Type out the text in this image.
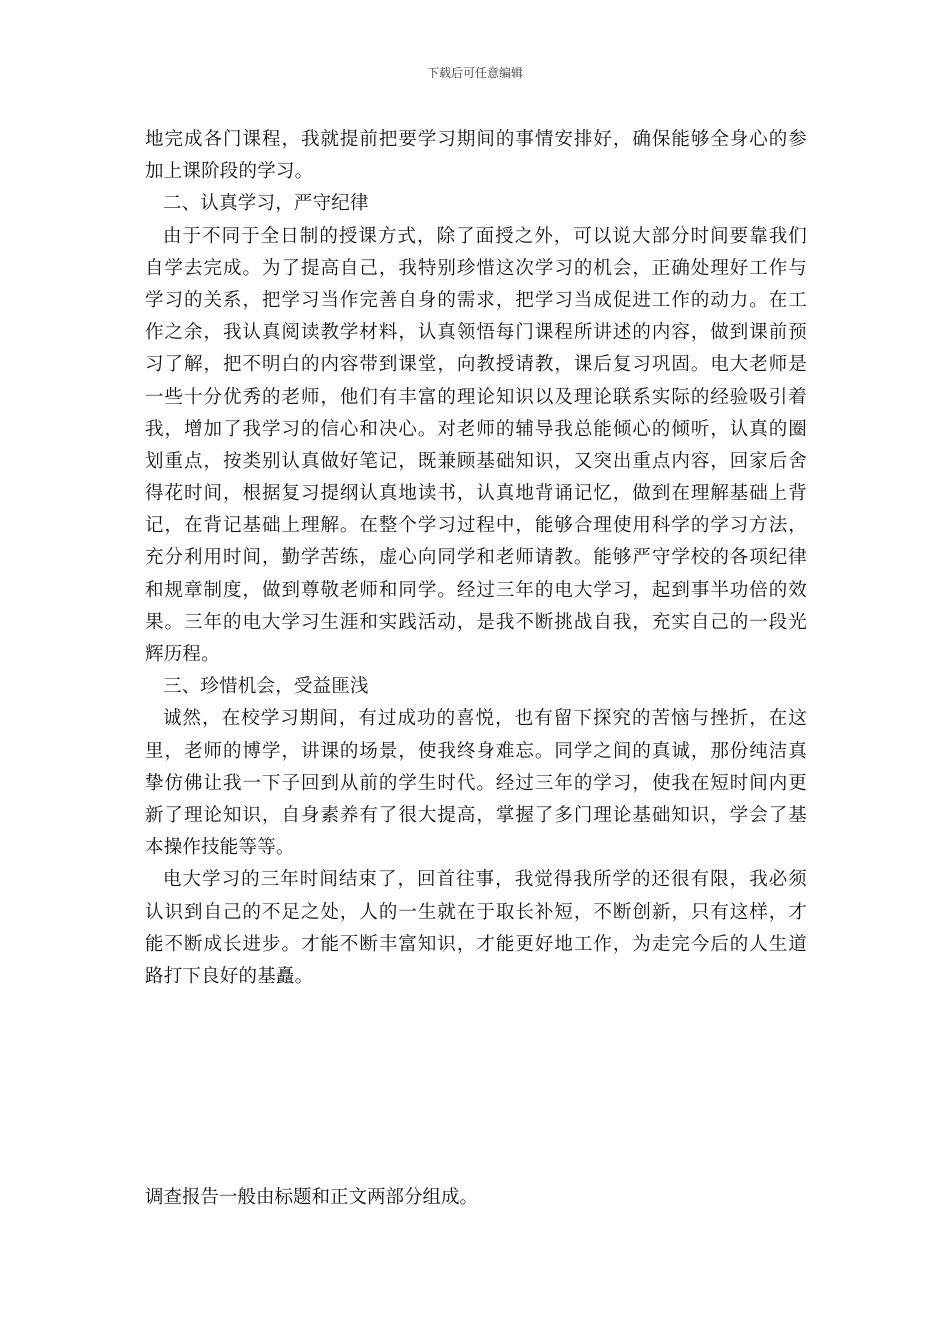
下载后可任意编辑
地完成各门课程，我就提前把要学习期间的事情安排好，确保能够全身心的参
加上课阶段的学习。
二、认真学习，严守纪律
由于不同于全日制的授课方式，除了面授之外，可以说大部分时间要靠我们
自学去完成。为了提高自己，我特别珍惜这次学习的机会，正确处理好工作与
学习的关系，把学习当作完善自身的需求，把学习当成促进工作的动力。在工
作之余，我认真阅读教学材料，认真领悟每门课程所讲述的内容，做到课前预
习了解，把不明白的内容带到课堂，向教授请教，课后复习巩固。电大老师是
一些十分优秀的老师，他们有丰富的理论知识以及理论联系实际的经验吸引着
我，增加了我学习的信心和决心。对老师的辅导我总能倾心的倾听，认真的圈
划重点，按类别认真做好笔记，既兼顾基础知识，又突出重点内容，回家后舍
得花时间，根据复习提纲认真地读书，认真地背诵记忆，做到在理解基础上背
记，在背记基础上理解。在整个学习过程中，能够合理使用科学的学习方法，
充分利用时间，勤学苦练，虚心向同学和老师请教。能够严守学校的各项纪律
和规章制度，做到尊敬老师和同学。经过三年的电大学习，起到事半功倍的效
果。三年的电大学习生涯和实践活动，是我不断挑战自我，充实自己的一段光
辉历程。
三、珍惜机会，受益匪浅
诚然，在校学习期间，有过成功的喜悦，也有留下探究的苦恼与挫折，在这
里，老师的博学，讲课的场景，使我终身难忘。同学之间的真诚，那份纯洁真
挚仿佛让我一下子回到从前的学生时代。经过三年的学习，使我在短时间内更
新了理论知识，自身素养有了很大提高，掌握了多门理论基础知识，学会了基
本操作技能等等。
电大学习的三年时间结束了，回首往事，我觉得我所学的还很有限，我必须
认识到自己的不足之处，人的一生就在于取长补短，不断创新，只有这样，才
能不断成长进步。才能不断丰富知识，才能更好地工作，为走完今后的人生道
路打下良好的基矗。
调查报告一般由标题和正文两部分组成。
